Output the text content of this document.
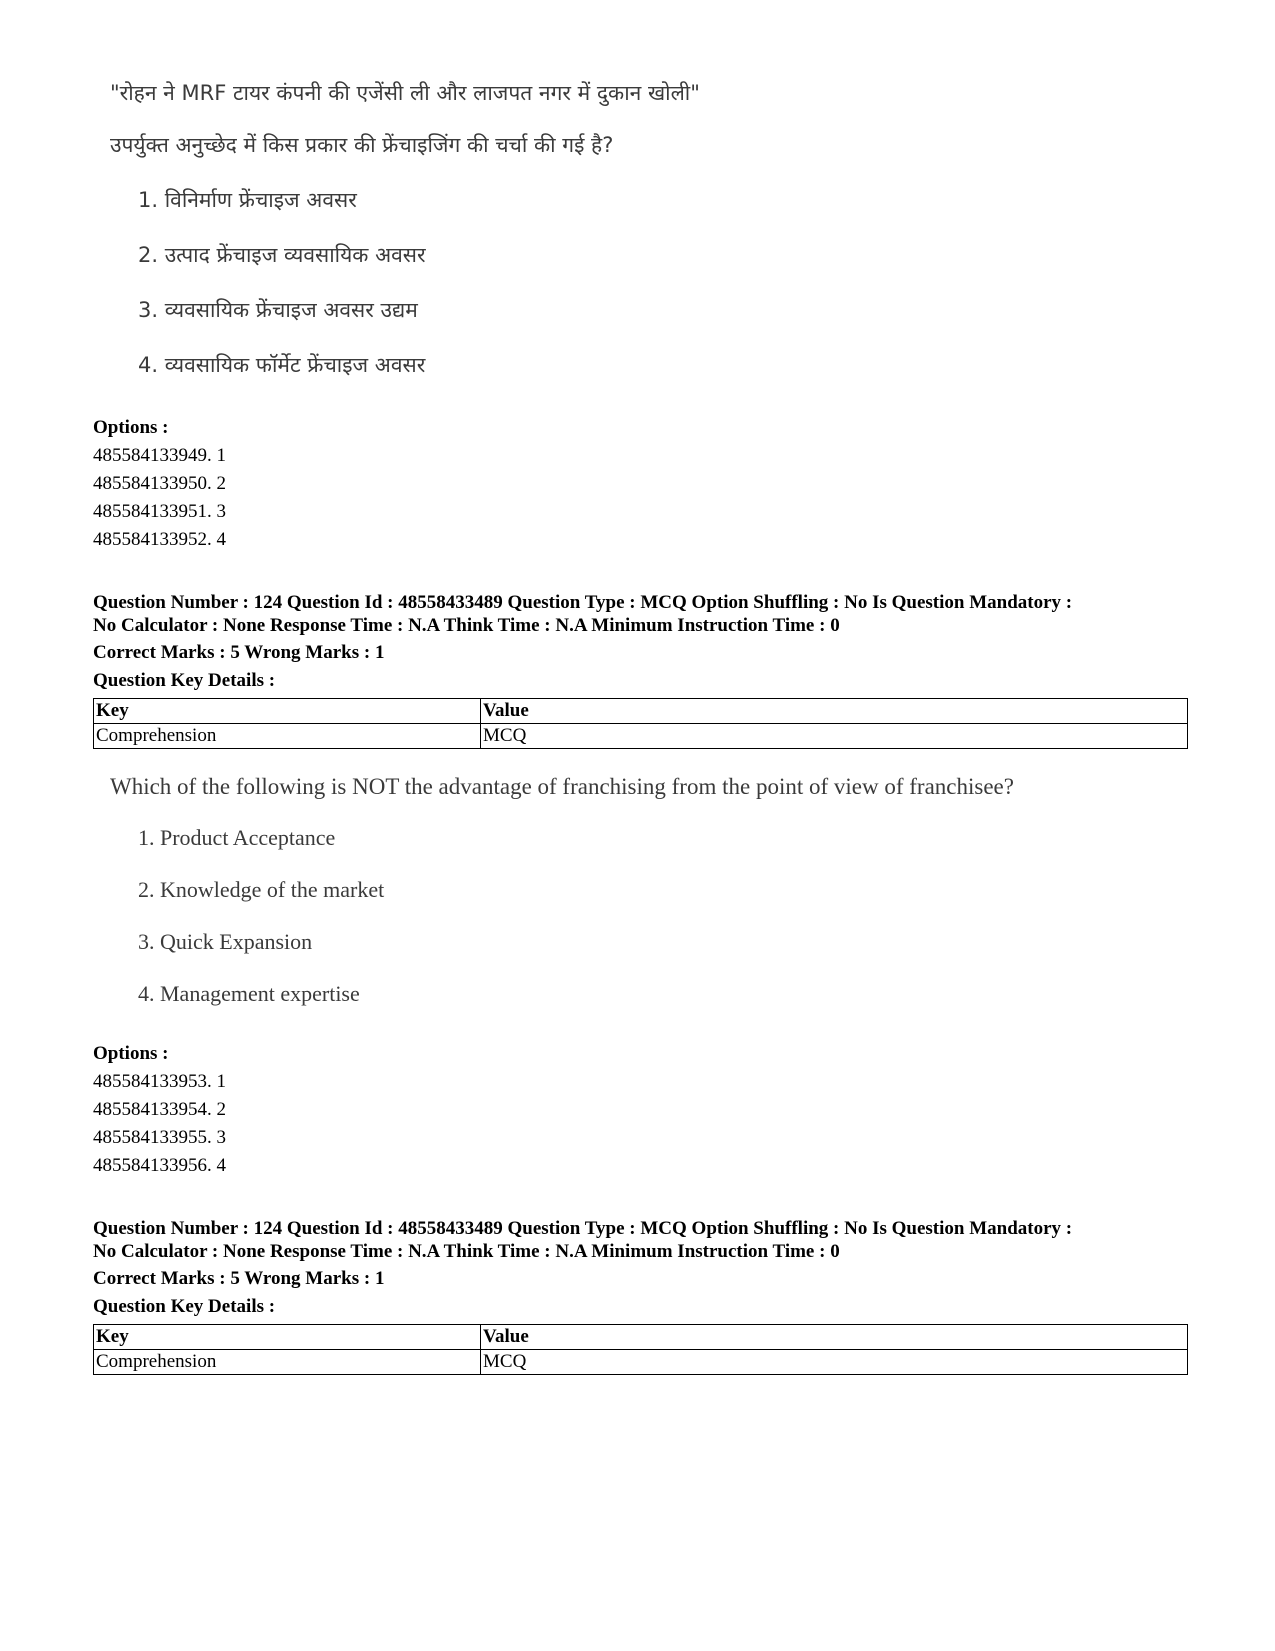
"रोहन ने MRF टायर कंपनी की एजेंसी ली और लाजपत नगर में दुकान खोली"
उपर्युक्त अनुच्छेद में किस प्रकार की फ्रेंचाइजिंग की चर्चा की गई है?
1. विनिर्माण फ्रेंचाइज अवसर
2. उत्पाद फ्रेंचाइज व्यवसायिक अवसर
3. व्यवसायिक फ्रेंचाइज अवसर उद्यम
4. व्यवसायिक फॉर्मेट फ्रेंचाइज अवसर
Options :
485584133949. 1
485584133950. 2
485584133951. 3
485584133952. 4
Question Number : 124 Question Id : 48558433489 Question Type : MCQ Option Shuffling : No Is Question Mandatory :
No Calculator : None Response Time : N.A Think Time : N.A Minimum Instruction Time : 0
Correct Marks : 5 Wrong Marks : 1
Question Key Details :
Key	Value
Comprehension	MCQ
Which of the following is NOT the advantage of franchising from the point of view of franchisee?
1. Product Acceptance
2. Knowledge of the market
3. Quick Expansion
4. Management expertise
Options :
485584133953. 1
485584133954. 2
485584133955. 3
485584133956. 4
Question Number : 124 Question Id : 48558433489 Question Type : MCQ Option Shuffling : No Is Question Mandatory :
No Calculator : None Response Time : N.A Think Time : N.A Minimum Instruction Time : 0
Correct Marks : 5 Wrong Marks : 1
Question Key Details :
Key	Value
Comprehension	MCQ
